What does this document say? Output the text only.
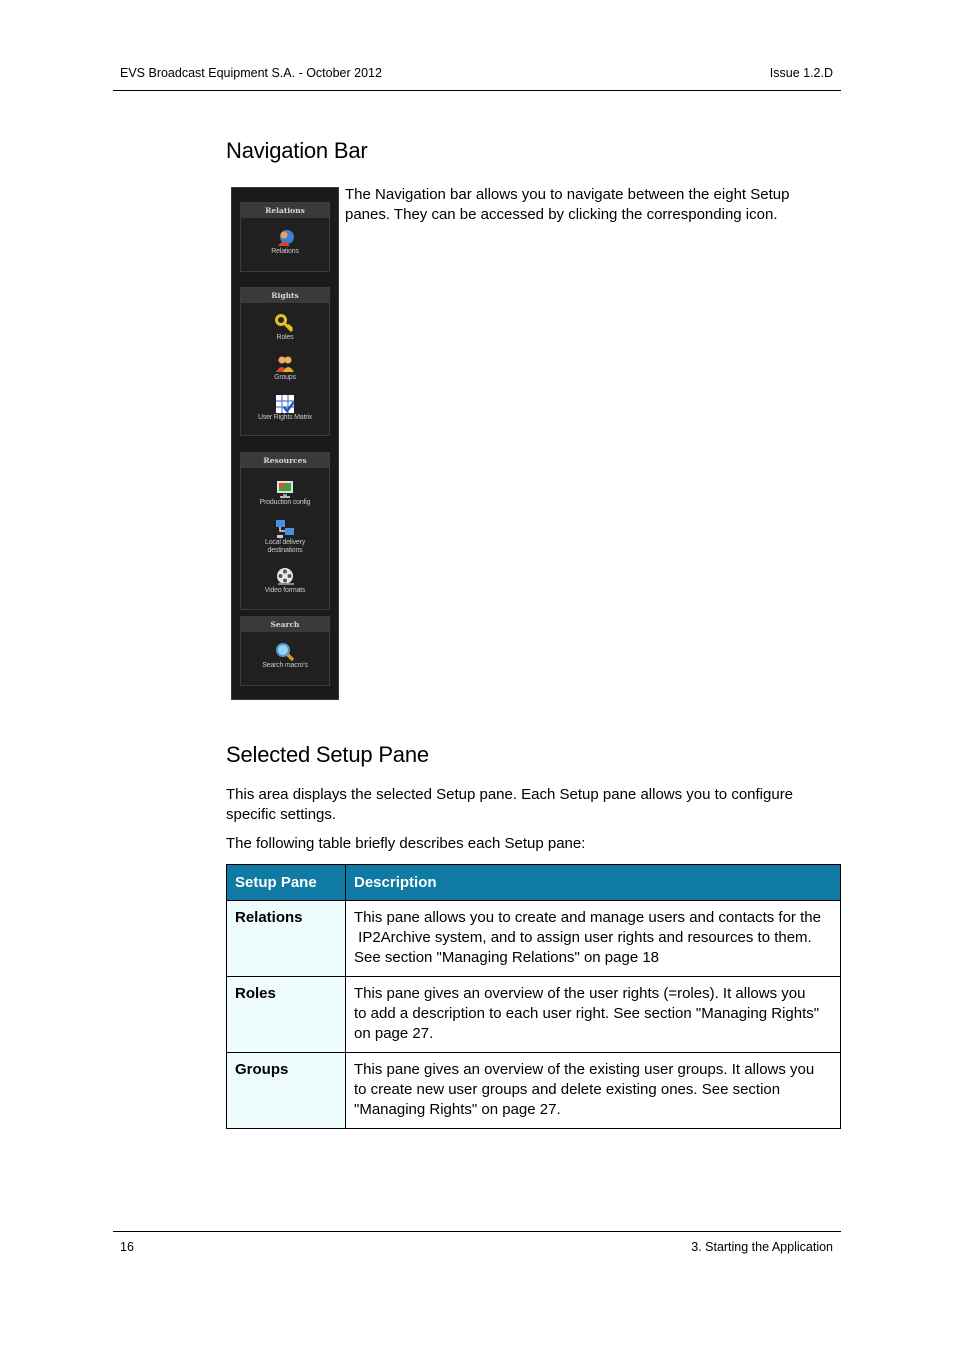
EVS Broadcast Equipment S.A. - October 2012	Issue 1.2.D
Navigation Bar
Relations
Relations
Rights
Roles
Groups
User Rights Matrix
Resources
Production config
Local delivery
destinations
Video formats
Search
Search macro's

The Navigation bar allows you to navigate between the eight Setup
panes. They can be accessed by clicking the corresponding icon.

Selected Setup Pane

This area displays the selected Setup pane. Each Setup pane allows you to configure
specific settings.

The following table briefly describes each Setup pane:

Setup Pane	Description
Relations	This pane allows you to create and manage users and contacts for the
IP2Archive system, and to assign user rights and resources to them.
See section "Managing Relations" on page 18
Roles	This pane gives an overview of the user rights (=roles). It allows you
to add a description to each user right. See section "Managing Rights"
on page 27.
Groups	This pane gives an overview of the existing user groups. It allows you
to create new user groups and delete existing ones. See section
"Managing Rights" on page 27.
16	3. Starting the Application
